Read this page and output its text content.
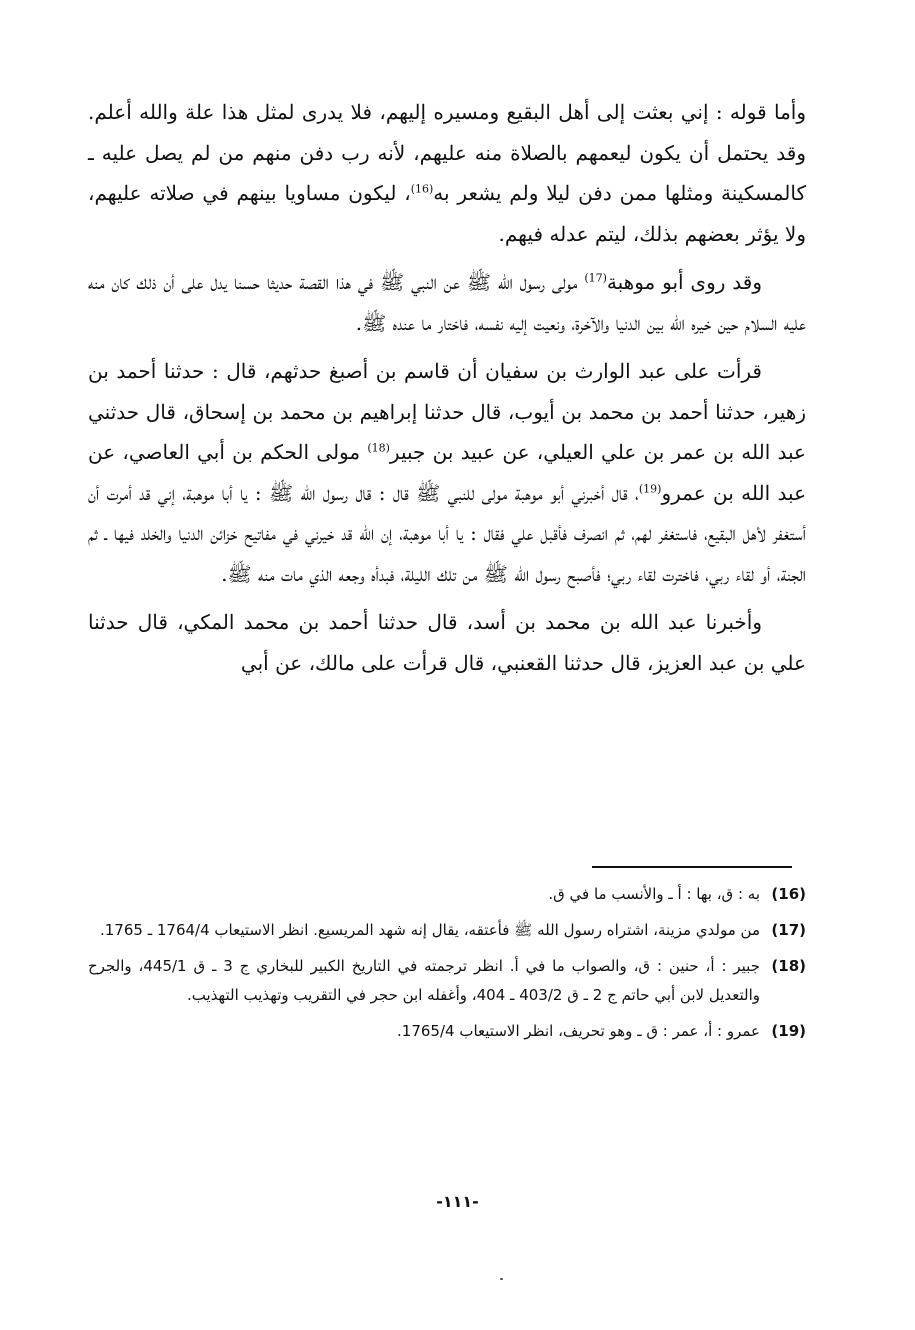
وأما قوله : إني بعثت إلى أهل البقيع ومسيره إليهم، فلا يدرى لمثل هذا علة والله أعلم. وقد يحتمل أن يكون ليعمهم بالصلاة منه عليهم، لأنه رب دفن منهم من لم يصل عليه ـ كالمسكينة ومثلها ممن دفن ليلا ولم يشعر به$^{(16)}$، ليكون مساويا بينهم في صلاته عليهم، ولا يؤثر بعضهم بذلك، ليتم عدله فيهم.

وقد روى أبو موهبة$^{(17)}$ مولى رسول الله ﷺ عن النبي ﷺ في هذا القصة حديثا حسنا يدل على أن ذلك كان منه عليه السلام حين خيره الله بين الدنيا والآخرة، ونعيت إليه نفسه، فاختار ما عنده ﷺ.

قرأت على عبد الوارث بن سفيان أن قاسم بن أصبغ حدثهم، قال : حدثنا أحمد بن زهير، حدثنا أحمد بن محمد بن أيوب، قال حدثنا إبراهيم بن محمد بن إسحاق، قال حدثني عبد الله بن عمر بن علي العيلي، عن عبيد بن جبير$^{(18)}$ مولى الحكم بن أبي العاصي، عن عبد الله بن عمرو$^{(19)}$، قال أخبرني أبو موهبة مولى للنبي ﷺ قال : قال رسول الله ﷺ : يا أبا موهبة، إني قد أمرت أن أستغفر لأهل البقيع، فاستغفر لهم، ثم انصرف فأقبل علي فقال : يا أبا موهبة، إن الله قد خيرني في مفاتيح خزائن الدنيا والخلد فيها ـ ثم الجنة، أو لقاء ربي، فاخترت لقاء ربي؛ فأصبح رسول الله ﷺ من تلك الليلة، فبدأه وجعه الذي مات منه ﷺ.

وأخبرنا عبد الله بن محمد بن أسد، قال حدثنا أحمد بن محمد المكي، قال حدثنا علي بن عبد العزيز، قال حدثنا القعنبي، قال قرأت على مالك، عن أبي

(16)
به : ق، بها : أ ـ والأنسب ما في ق.
(17)
من مولدي مزينة، اشتراه رسول الله ﷺ فأعتقه، يقال إنه شهد المريسيع. انظر الاستيعاب 1764/4 ـ 1765.
(18)
جبير : أ، حنين : ق، والصواب ما في أ. انظر ترجمته في التاريخ الكبير للبخاري ج 3 ـ ق 445/1، والجرح والتعديل لابن أبي حاتم ج 2 ـ ق 403/2 ـ 404، وأغفله ابن حجر في التقريب وتهذيب التهذيب.
(19)
عمرو : أ، عمر : ق ـ وهو تحريف، انظر الاستيعاب 1765/4.
-١١١-
